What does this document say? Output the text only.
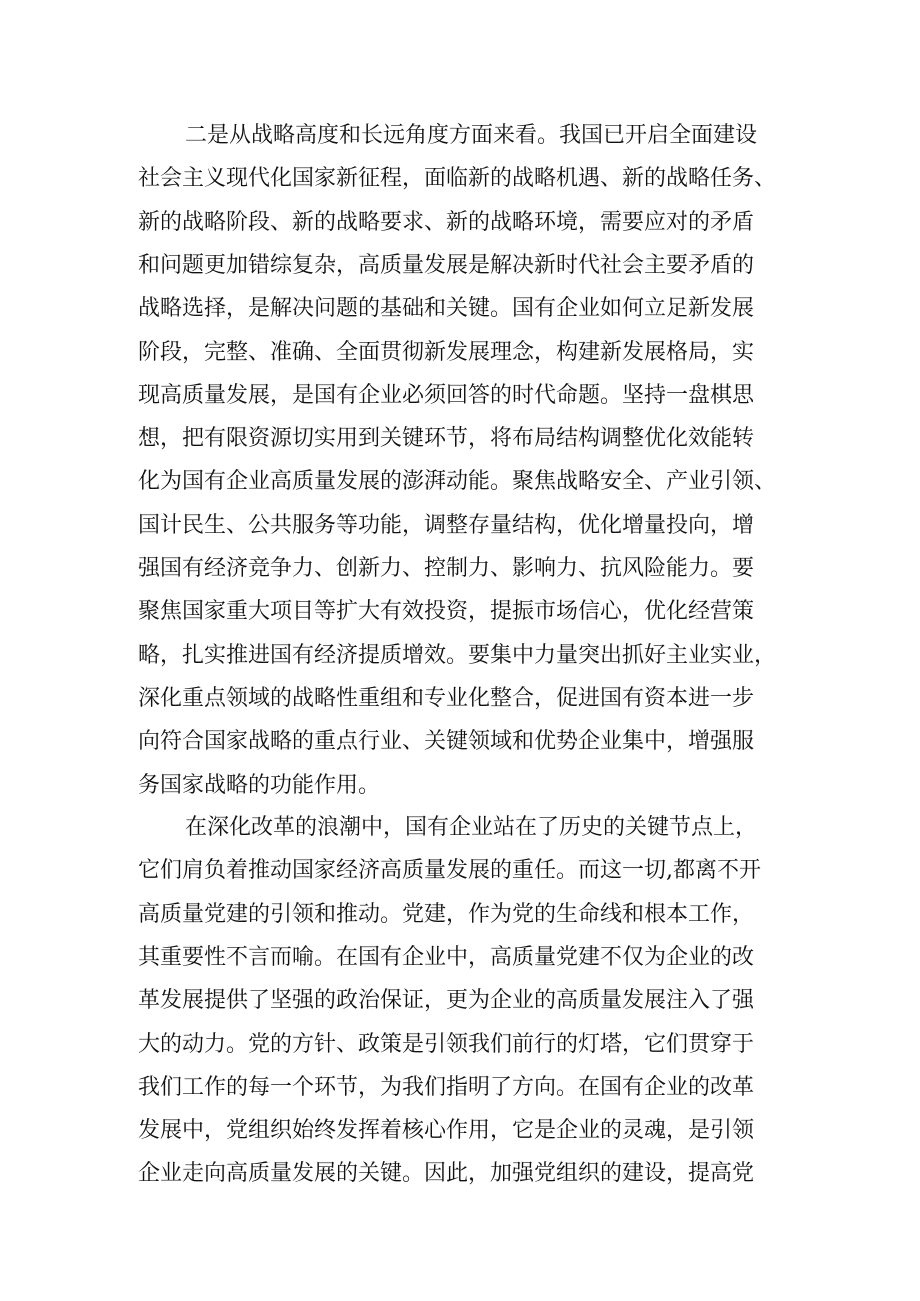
二是从战略高度和长远角度方面来看。我国已开启全面建设
社会主义现代化国家新征程，面临新的战略机遇、新的战略任务、
新的战略阶段、新的战略要求、新的战略环境，需要应对的矛盾
和问题更加错综复杂，高质量发展是解决新时代社会主要矛盾的
战略选择，是解决问题的基础和关键。国有企业如何立足新发展
阶段，完整、准确、全面贯彻新发展理念，构建新发展格局，实
现高质量发展，是国有企业必须回答的时代命题。坚持一盘棋思
想，把有限资源切实用到关键环节，将布局结构调整优化效能转
化为国有企业高质量发展的澎湃动能。聚焦战略安全、产业引领、
国计民生、公共服务等功能，调整存量结构，优化增量投向，增
强国有经济竞争力、创新力、控制力、影响力、抗风险能力。要
聚焦国家重大项目等扩大有效投资，提振市场信心，优化经营策
略，扎实推进国有经济提质增效。要集中力量突出抓好主业实业，
深化重点领域的战略性重组和专业化整合，促进国有资本进一步
向符合国家战略的重点行业、关键领域和优势企业集中，增强服
务国家战略的功能作用。
在深化改革的浪潮中，国有企业站在了历史的关键节点上，
它们肩负着推动国家经济高质量发展的重任。而这一切,都离不开
高质量党建的引领和推动。党建，作为党的生命线和根本工作，
其重要性不言而喻。在国有企业中，高质量党建不仅为企业的改
革发展提供了坚强的政治保证，更为企业的高质量发展注入了强
大的动力。党的方针、政策是引领我们前行的灯塔，它们贯穿于
我们工作的每一个环节，为我们指明了方向。在国有企业的改革
发展中，党组织始终发挥着核心作用，它是企业的灵魂，是引领
企业走向高质量发展的关键。因此，加强党组织的建设，提高党
